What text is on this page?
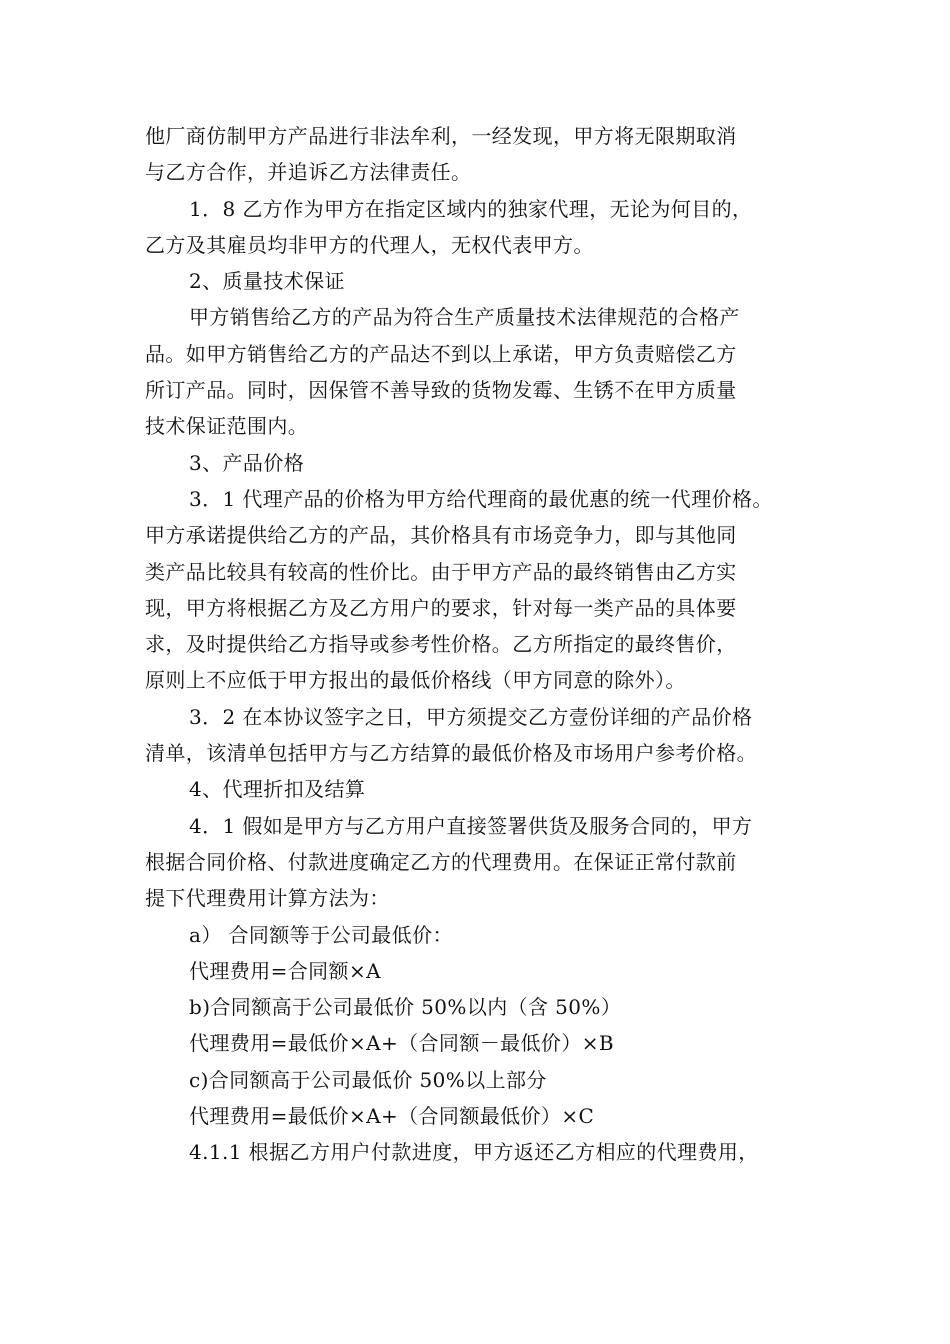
他厂商仿制甲方产品进行非法牟利，一经发现，甲方将无限期取消
与乙方合作，并追诉乙方法律责任。
1．8 乙方作为甲方在指定区域内的独家代理，无论为何目的，
乙方及其雇员均非甲方的代理人，无权代表甲方。
2、质量技术保证
甲方销售给乙方的产品为符合生产质量技术法律规范的合格产
品。如甲方销售给乙方的产品达不到以上承诺，甲方负责赔偿乙方
所订产品。同时，因保管不善导致的货物发霉、生锈不在甲方质量
技术保证范围内。
3、产品价格
3．1 代理产品的价格为甲方给代理商的最优惠的统一代理价格。
甲方承诺提供给乙方的产品，其价格具有市场竞争力，即与其他同
类产品比较具有较高的性价比。由于甲方产品的最终销售由乙方实
现，甲方将根据乙方及乙方用户的要求，针对每一类产品的具体要
求，及时提供给乙方指导或参考性价格。乙方所指定的最终售价，
原则上不应低于甲方报出的最低价格线（甲方同意的除外）。
3．2 在本协议签字之日，甲方须提交乙方壹份详细的产品价格
清单，该清单包括甲方与乙方结算的最低价格及市场用户参考价格。
4、代理折扣及结算
4．1 假如是甲方与乙方用户直接签署供货及服务合同的，甲方
根据合同价格、付款进度确定乙方的代理费用。在保证正常付款前
提下代理费用计算方法为：
a） 合同额等于公司最低价：
代理费用=合同额×A
b)合同额高于公司最低价 50%以内（含 50%）
代理费用=最低价×A+（合同额－最低价）×B
c)合同额高于公司最低价 50%以上部分
代理费用=最低价×A+（合同额最低价）×C
4.1.1 根据乙方用户付款进度，甲方返还乙方相应的代理费用，
